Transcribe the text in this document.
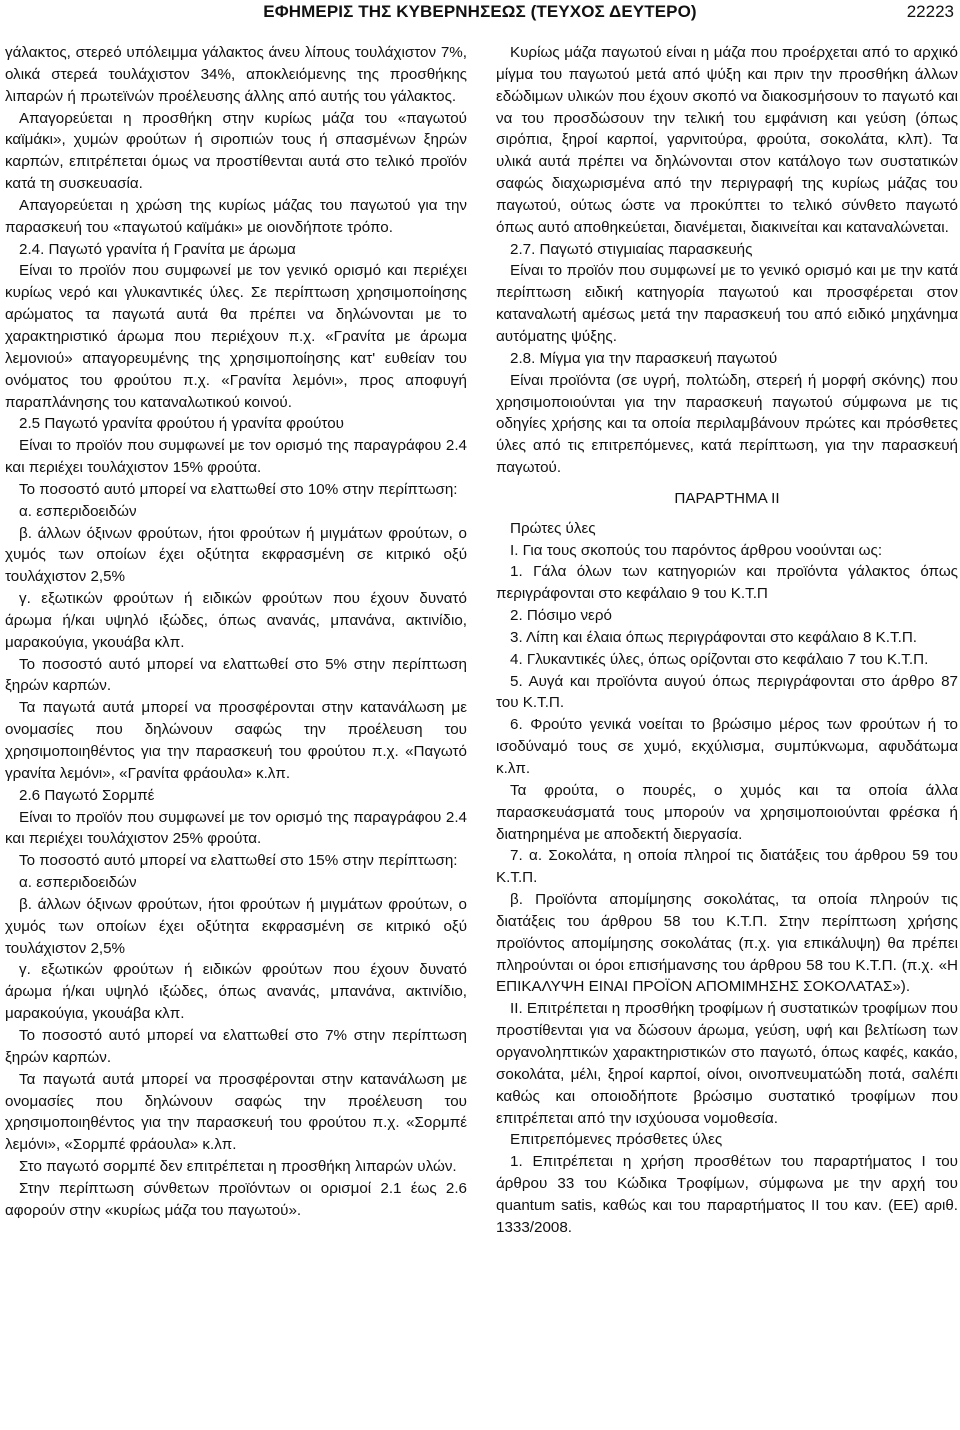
ΕΦΗΜΕΡΙΣ ΤΗΣ ΚΥΒΕΡΝΗΣΕΩΣ (ΤΕΥΧΟΣ ΔΕΥΤΕΡΟ)	22223

γάλακτος, στερεό υπόλειμμα γάλακτος άνευ λίπους τουλάχιστον 7%, ολικά στερεά τουλάχιστον 34%, αποκλειόμενης της προσθήκης λιπαρών ή πρωτεϊνών προέλευσης άλλης από αυτής του γάλακτος.

Απαγορεύεται η προσθήκη στην κυρίως μάζα του «παγωτού καϊμάκι», χυμών φρούτων ή σιροπιών τους ή σπασμένων ξηρών καρπών, επιτρέπεται όμως να προστίθενται αυτά στο τελικό προϊόν κατά τη συσκευασία.

Απαγορεύεται η χρώση της κυρίως μάζας του παγωτού για την παρασκευή του «παγωτού καϊμάκι» με οιονδήποτε τρόπο.

2.4. Παγωτό γρανίτα ή Γρανίτα με άρωμα

Είναι το προϊόν που συμφωνεί με τον γενικό ορισμό και περιέχει κυρίως νερό και γλυκαντικές ύλες. Σε περίπτωση χρησιμοποίησης αρώματος τα παγωτά αυτά θα πρέπει να δηλώνονται με το χαρακτηριστικό άρωμα που περιέχουν π.χ. «Γρανίτα με άρωμα λεμονιού» απαγορευμένης της χρησιμοποίησης κατ' ευθείαν του ονόματος του φρούτου π.χ. «Γρανίτα λεμόνι», προς αποφυγή παραπλάνησης του καταναλωτικού κοινού.

2.5 Παγωτό γρανίτα φρούτου ή γρανίτα φρούτου

Είναι το προϊόν που συμφωνεί με τον ορισμό της παραγράφου 2.4 και περιέχει τουλάχιστον 15% φρούτα.

Το ποσοστό αυτό μπορεί να ελαττωθεί στο 10% στην περίπτωση:

α. εσπεριδοειδών

β. άλλων όξινων φρούτων, ήτοι φρούτων ή μιγμάτων φρούτων, ο χυμός των οποίων έχει οξύτητα εκφρασμένη σε κιτρικό οξύ τουλάχιστον 2,5%

γ. εξωτικών φρούτων ή ειδικών φρούτων που έχουν δυνατό άρωμα ή/και υψηλό ιξώδες, όπως ανανάς, μπανάνα, ακτινίδιο, μαρακούγια, γκουάβα κλπ.

Το ποσοστό αυτό μπορεί να ελαττωθεί στο 5% στην περίπτωση ξηρών καρπών.

Τα παγωτά αυτά μπορεί να προσφέρονται στην κατανάλωση με ονομασίες που δηλώνουν σαφώς την προέλευση του χρησιμοποιηθέντος για την παρασκευή του φρούτου π.χ. «Παγωτό γρανίτα λεμόνι», «Γρανίτα φράουλα» κ.λπ.

2.6 Παγωτό Σορμπέ

Είναι το προϊόν που συμφωνεί με τον ορισμό της παραγράφου 2.4 και περιέχει τουλάχιστον 25% φρούτα.

Το ποσοστό αυτό μπορεί να ελαττωθεί στο 15% στην περίπτωση:

α. εσπεριδοειδών

β. άλλων όξινων φρούτων, ήτοι φρούτων ή μιγμάτων φρούτων, ο χυμός των οποίων έχει οξύτητα εκφρασμένη σε κιτρικό οξύ τουλάχιστον 2,5%

γ. εξωτικών φρούτων ή ειδικών φρούτων που έχουν δυνατό άρωμα ή/και υψηλό ιξώδες, όπως ανανάς, μπανάνα, ακτινίδιο, μαρακούγια, γκουάβα κλπ.

Το ποσοστό αυτό μπορεί να ελαττωθεί στο 7% στην περίπτωση ξηρών καρπών.

Τα παγωτά αυτά μπορεί να προσφέρονται στην κατανάλωση με ονομασίες που δηλώνουν σαφώς την προέλευση του χρησιμοποιηθέντος για την παρασκευή του φρούτου π.χ. «Σορμπέ λεμόνι», «Σορμπέ φράουλα» κ.λπ.

Στο παγωτό σορμπέ δεν επιτρέπεται η προσθήκη λιπαρών υλών.

Στην περίπτωση σύνθετων προϊόντων οι ορισμοί 2.1 έως 2.6 αφορούν στην «κυρίως μάζα του παγωτού».

Κυρίως μάζα παγωτού είναι η μάζα που προέρχεται από το αρχικό μίγμα του παγωτού μετά από ψύξη και πριν την προσθήκη άλλων εδώδιμων υλικών που έχουν σκοπό να διακοσμήσουν το παγωτό και να του προσδώσουν την τελική του εμφάνιση και γεύση (όπως σιρόπια, ξηροί καρποί, γαρνιτούρα, φρούτα, σοκολάτα, κλπ). Τα υλικά αυτά πρέπει να δηλώνονται στον κατάλογο των συστατικών σαφώς διαχωρισμένα από την περιγραφή της κυρίως μάζας του παγωτού, ούτως ώστε να προκύπτει το τελικό σύνθετο παγωτό όπως αυτό αποθηκεύεται, διανέμεται, διακινείται και καταναλώνεται.

2.7. Παγωτό στιγμιαίας παρασκευής

Είναι το προϊόν που συμφωνεί με το γενικό ορισμό και με την κατά περίπτωση ειδική κατηγορία παγωτού και προσφέρεται στον καταναλωτή αμέσως μετά την παρασκευή του από ειδικό μηχάνημα αυτόματης ψύξης.

2.8. Μίγμα για την παρασκευή παγωτού

Είναι προϊόντα (σε υγρή, πολτώδη, στερεή ή μορφή σκόνης) που χρησιμοποιούνται για την παρασκευή παγωτού σύμφωνα με τις οδηγίες χρήσης και τα οποία περιλαμβάνουν πρώτες και πρόσθετες ύλες από τις επιτρεπόμενες, κατά περίπτωση, για την παρασκευή παγωτού.

ΠΑΡΑΡΤΗΜΑ ΙΙ

Πρώτες ύλες

Ι. Για τους σκοπούς του παρόντος άρθρου νοούνται ως:

1. Γάλα όλων των κατηγοριών και προϊόντα γάλακτος όπως περιγράφονται στο κεφάλαιο 9 του Κ.Τ.Π

2. Πόσιμο νερό

3. Λίπη και έλαια όπως περιγράφονται στο κεφάλαιο 8 Κ.Τ.Π.

4. Γλυκαντικές ύλες, όπως ορίζονται στο κεφάλαιο 7 του Κ.Τ.Π.

5. Αυγά και προϊόντα αυγού όπως περιγράφονται στο άρθρο 87 του Κ.Τ.Π.

6. Φρούτο γενικά νοείται το βρώσιμο μέρος των φρούτων ή το ισοδύναμό τους σε χυμό, εκχύλισμα, συμπύκνωμα, αφυδάτωμα κ.λπ.

Τα φρούτα, ο πουρές, ο χυμός και τα οποία άλλα παρασκευάσματά τους μπορούν να χρησιμοποιούνται φρέσκα ή διατηρημένα με αποδεκτή διεργασία.

7. α. Σοκολάτα, η οποία πληροί τις διατάξεις του άρθρου 59 του Κ.Τ.Π.

β. Προϊόντα απομίμησης σοκολάτας, τα οποία πληρούν τις διατάξεις του άρθρου 58 του Κ.Τ.Π. Στην περίπτωση χρήσης προϊόντος απομίμησης σοκολάτας (π.χ. για επικάλυψη) θα πρέπει πληρούνται οι όροι επισήμανσης του άρθρου 58 του Κ.Τ.Π. (π.χ. «Η ΕΠΙΚΑΛΥΨΗ ΕΙΝΑΙ ΠΡΟΪΟΝ ΑΠΟΜΙΜΗΣΗΣ ΣΟΚΟΛΑΤΑΣ»).

ΙΙ. Επιτρέπεται η προσθήκη τροφίμων ή συστατικών τροφίμων που προστίθενται για να δώσουν άρωμα, γεύση, υφή και βελτίωση των οργανοληπτικών χαρακτηριστικών στο παγωτό, όπως καφές, κακάο, σοκολάτα, μέλι, ξηροί καρποί, οίνοι, οινοπνευματώδη ποτά, σαλέπι καθώς και οποιοδήποτε βρώσιμο συστατικό τροφίμων που επιτρέπεται από την ισχύουσα νομοθεσία.

Επιτρεπόμενες πρόσθετες ύλες

1. Επιτρέπεται η χρήση προσθέτων του παραρτήματος Ι του άρθρου 33 του Κώδικα Τροφίμων, σύμφωνα με την αρχή του quantum satis, καθώς και του παραρτήματος ΙΙ του καν. (ΕΕ) αριθ. 1333/2008.
